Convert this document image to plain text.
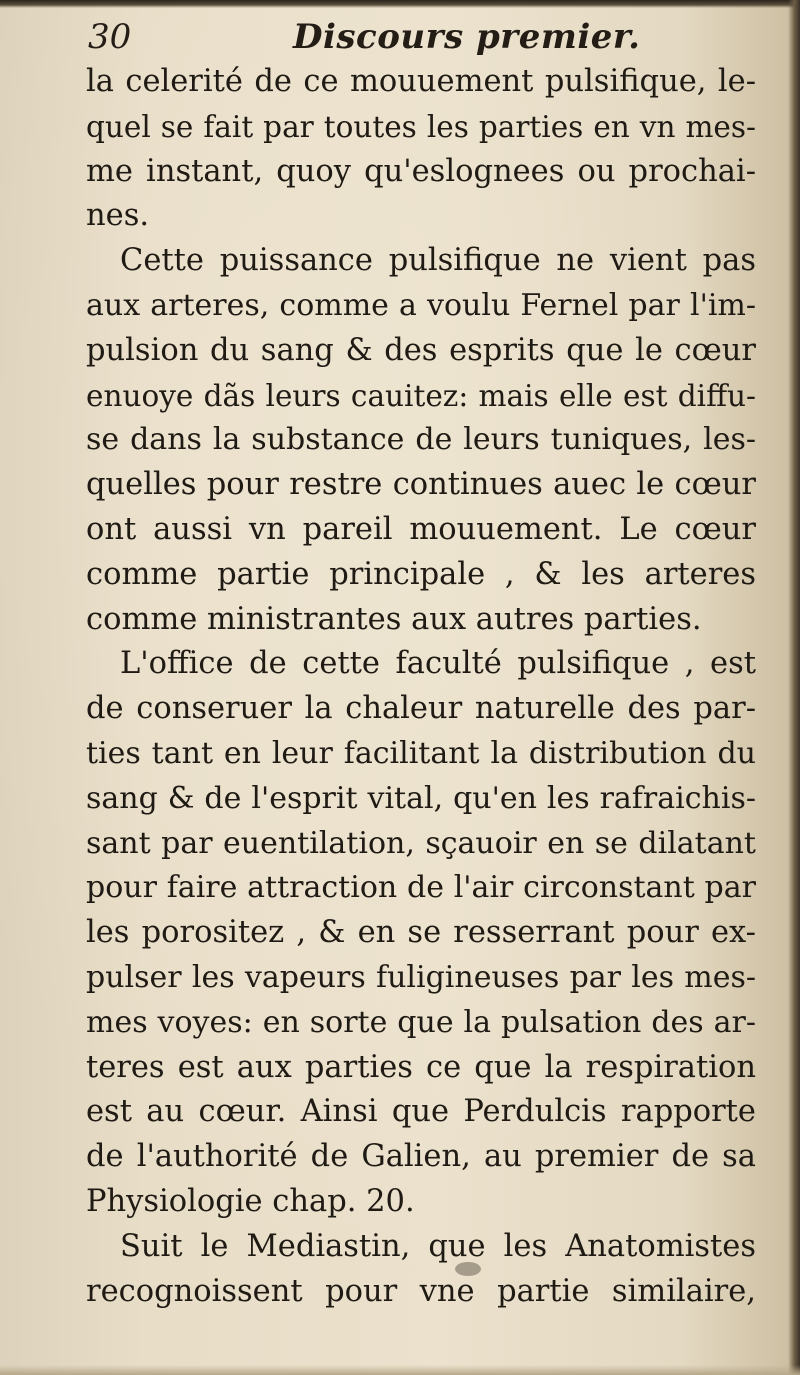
30	Discours premier.
la celerité de ce mouuement pulsifique, le-
quel se fait par toutes les parties en vn mes-
me instant, quoy qu'eslognees ou prochai-
nes.
Cette puissance pulsifique ne vient pas
aux arteres, comme a voulu Fernel par l'im-
pulsion du sang & des esprits que le cœur
enuoye dãs leurs cauitez: mais elle est diffu-
se dans la substance de leurs tuniques, les-
quelles pour restre continues auec le cœur
ont aussi vn pareil mouuement. Le cœur
comme partie principale , & les arteres
comme ministrantes aux autres parties.
L'office de cette faculté pulsifique , est
de conseruer la chaleur naturelle des par-
ties tant en leur facilitant la distribution du
sang & de l'esprit vital, qu'en les rafraichis-
sant par euentilation, sçauoir en se dilatant
pour faire attraction de l'air circonstant par
les porositez , & en se resserrant pour ex-
pulser les vapeurs fuligineuses par les mes-
mes voyes: en sorte que la pulsation des ar-
teres est aux parties ce que la respiration
est au cœur. Ainsi que Perdulcis rapporte
de l'authorité de Galien, au premier de sa
Physiologie chap. 20.
Suit le Mediastin, que les Anatomistes
recognoissent pour vne partie similaire,
